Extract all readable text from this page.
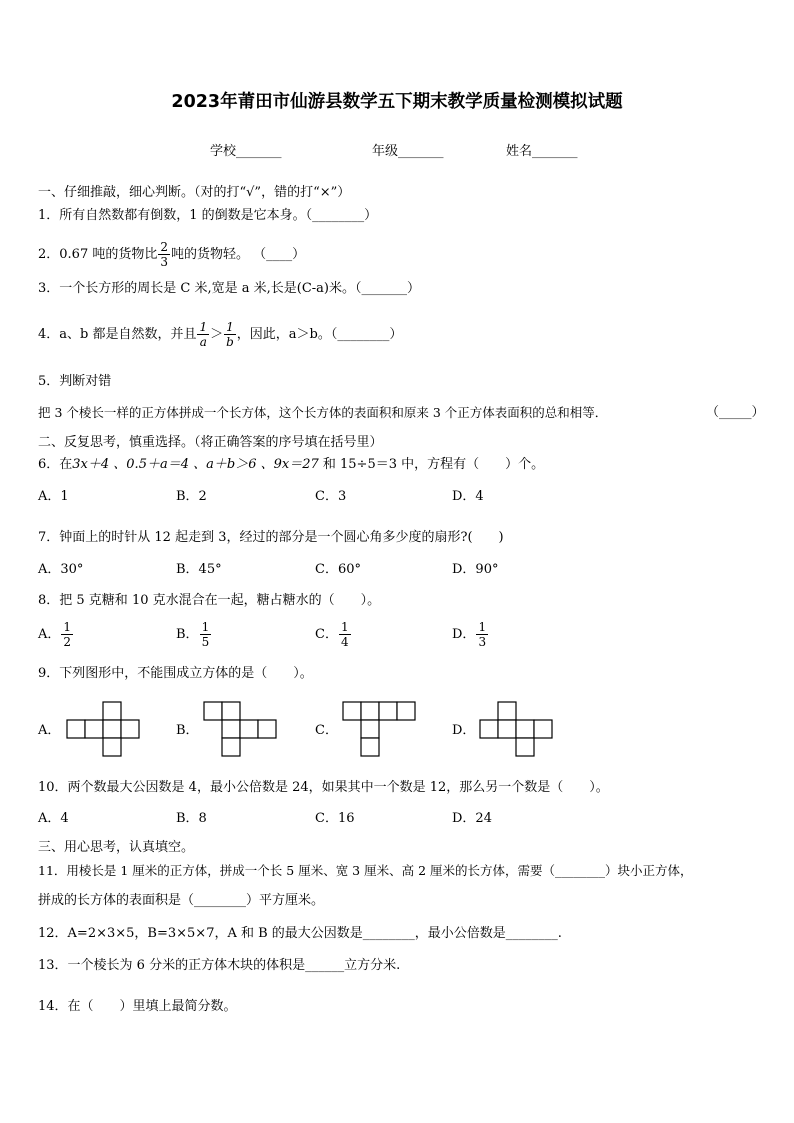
2023年莆田市仙游县数学五下期末教学质量检测模拟试题
学校_______	年级_______	姓名_______
一、仔细推敲，细心判断。（对的打“√”，错的打“×”）
1．所有自然数都有倒数，1 的倒数是它本身。（________）
2．0.67 吨的货物比 $\frac{2}{3}$ 吨的货物轻。 （____）
3．一个长方形的周长是 C 米,宽是 a 米,长是(C-a)米。（_______）
4．a、b 都是自然数，并且 $\frac{1}{a} > \frac{1}{b}$ ，因此，a＞b。（________）
5．判断对错
把 3 个棱长一样的正方体拼成一个长方体，这个长方体的表面积和原来 3 个正方体表面积的总和相等．	（_____）
二、反复思考，慎重选择。（将正确答案的序号填在括号里）
6．在3x＋4 、0.5＋a＝4 、a＋b＞6 、9x＝27 和 15÷5＝3 中，方程有（　　）个。
A．1	B．2	C．3	D．4
7．钟面上的时针从 12 起走到 3，经过的部分是一个圆心角多少度的扇形?(　　)
A．30°	B．45°	C．60°	D．90°
8．把 5 克糖和 10 克水混合在一起，糖占糖水的（　　）。
A． $\frac{1}{2}$	B． $\frac{1}{5}$	C． $\frac{1}{4}$	D． $\frac{1}{3}$
9．下列图形中，不能围成立方体的是（　　）。
A．	B．	C．	D．
10．两个数最大公因数是 4，最小公倍数是 24，如果其中一个数是 12，那么另一个数是（　　）。
A．4	B．8	C．16	D．24
三、用心思考，认真填空。
11．用棱长是 1 厘米的正方体，拼成一个长 5 厘米、宽 3 厘米、高 2 厘米的长方体，需要（________）块小正方体，
拼成的长方体的表面积是（________）平方厘米。
12．A=2×3×5，B=3×5×7，A 和 B 的最大公因数是________，最小公倍数是________.
13．一个棱长为 6 分米的正方体木块的体积是______立方分米.
14．在（　　）里填上最简分数。
